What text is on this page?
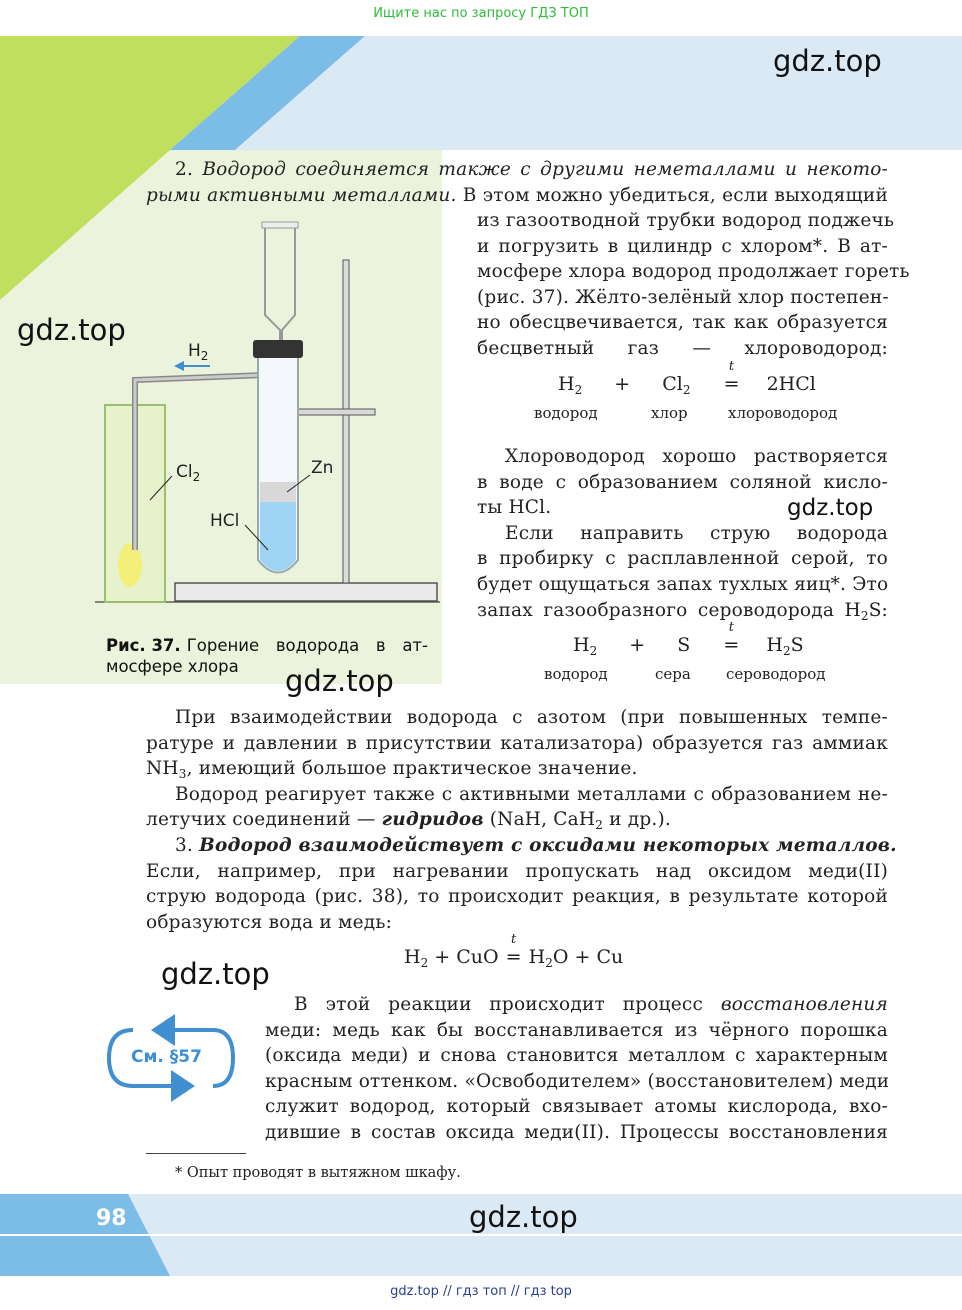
Ищите нас по запросу ГДЗ ТОП
$H_2$
$Cl_2$	Zn
HCl
Рис. 37. Горение водорода в ат-
мосфере хлора
2. Водород соединяется также с другими неметаллами и некото-
рыми активными металлами. В этом можно убедиться, если выходящий
из газоотводной трубки водород поджечь
и погрузить в цилиндр с хлором*. В ат-
мосфере хлора водород продолжает гореть
(рис. 37). Жёлто-зелёный хлор постепен-
но обесцвечивается, так как образуется
бесцветный газ — хлороводород:
$H_2 + Cl_2$
t
= 2HCl
водород	хлор	хлороводород
Хлороводород хорошо растворяется
в воде с образованием соляной кисло-
ты HCl.
Если направить струю водорода
в пробирку с расплавленной серой, то
будет ощущаться запах тухлых яиц*. Это
запах газообразного сероводорода $H_2S$:
$H_2 + S$
t
= $H_2S$
водород	сера сероводород
При взаимодействии водорода с азотом (при повышенных темпе-
ратуре и давлении в присутствии катализатора) образуется газ аммиак
$NH_3$, имеющий большое практическое значение.
Водород реагирует также с активными металлами с образованием не-
летучих соединений — гидридов (NaH, CaH$_2$ и др.).
3. Водород взаимодействует с оксидами некоторых металлов.
Если, например, при нагревании пропускать над оксидом меди(II)
струю водорода (рис. 38), то происходит реакция, в результате которой
образуются вода и медь:
$H_2$ + CuO
t
= $H_2O + Cu$
В этой реакции происходит процесс восстановления
меди: медь как бы восстанавливается из чёрного порошка
(оксида меди) и снова становится металлом с характерным
красным оттенком. «Освободителем» (восстановителем) меди
служит водород, который связывает атомы кислорода, вхо-
дившие в состав оксида меди(II). Процессы восстановления
См. §57
* Опыт проводят в вытяжном шкафу.
98
gdz.top
gdz.top
gdz.top
gdz.top
gdz.top
gdz.top
gdz.top // гдз топ // гдз top
